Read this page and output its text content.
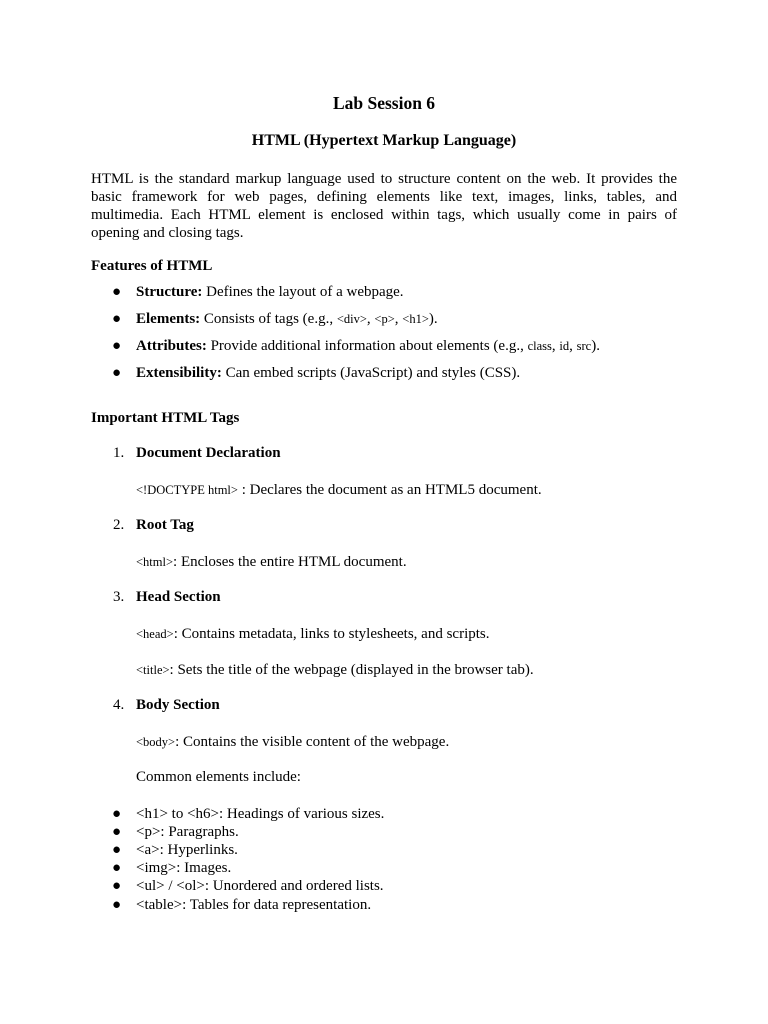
Lab Session 6
HTML (Hypertext Markup Language)
HTML is the standard markup language used to structure content on the web. It provides the basic framework for web pages, defining elements like text, images, links, tables, and multimedia. Each HTML element is enclosed within tags, which usually come in pairs of opening and closing tags.
Features of HTML
● Structure: Defines the layout of a webpage.
● Elements: Consists of tags (e.g., <div>, <p>, <h1>).
● Attributes: Provide additional information about elements (e.g., class, id, src).
● Extensibility: Can embed scripts (JavaScript) and styles (CSS).
Important HTML Tags
1. Document Declaration
<!DOCTYPE html> : Declares the document as an HTML5 document.
2. Root Tag
<html>: Encloses the entire HTML document.
3. Head Section
<head>: Contains metadata, links to stylesheets, and scripts.
<title>: Sets the title of the webpage (displayed in the browser tab).
4. Body Section
<body>: Contains the visible content of the webpage.
Common elements include:
● <h1> to <h6>: Headings of various sizes.
● <p>: Paragraphs.
● <a>: Hyperlinks.
● <img>: Images.
● <ul> / <ol>: Unordered and ordered lists.
● <table>: Tables for data representation.
